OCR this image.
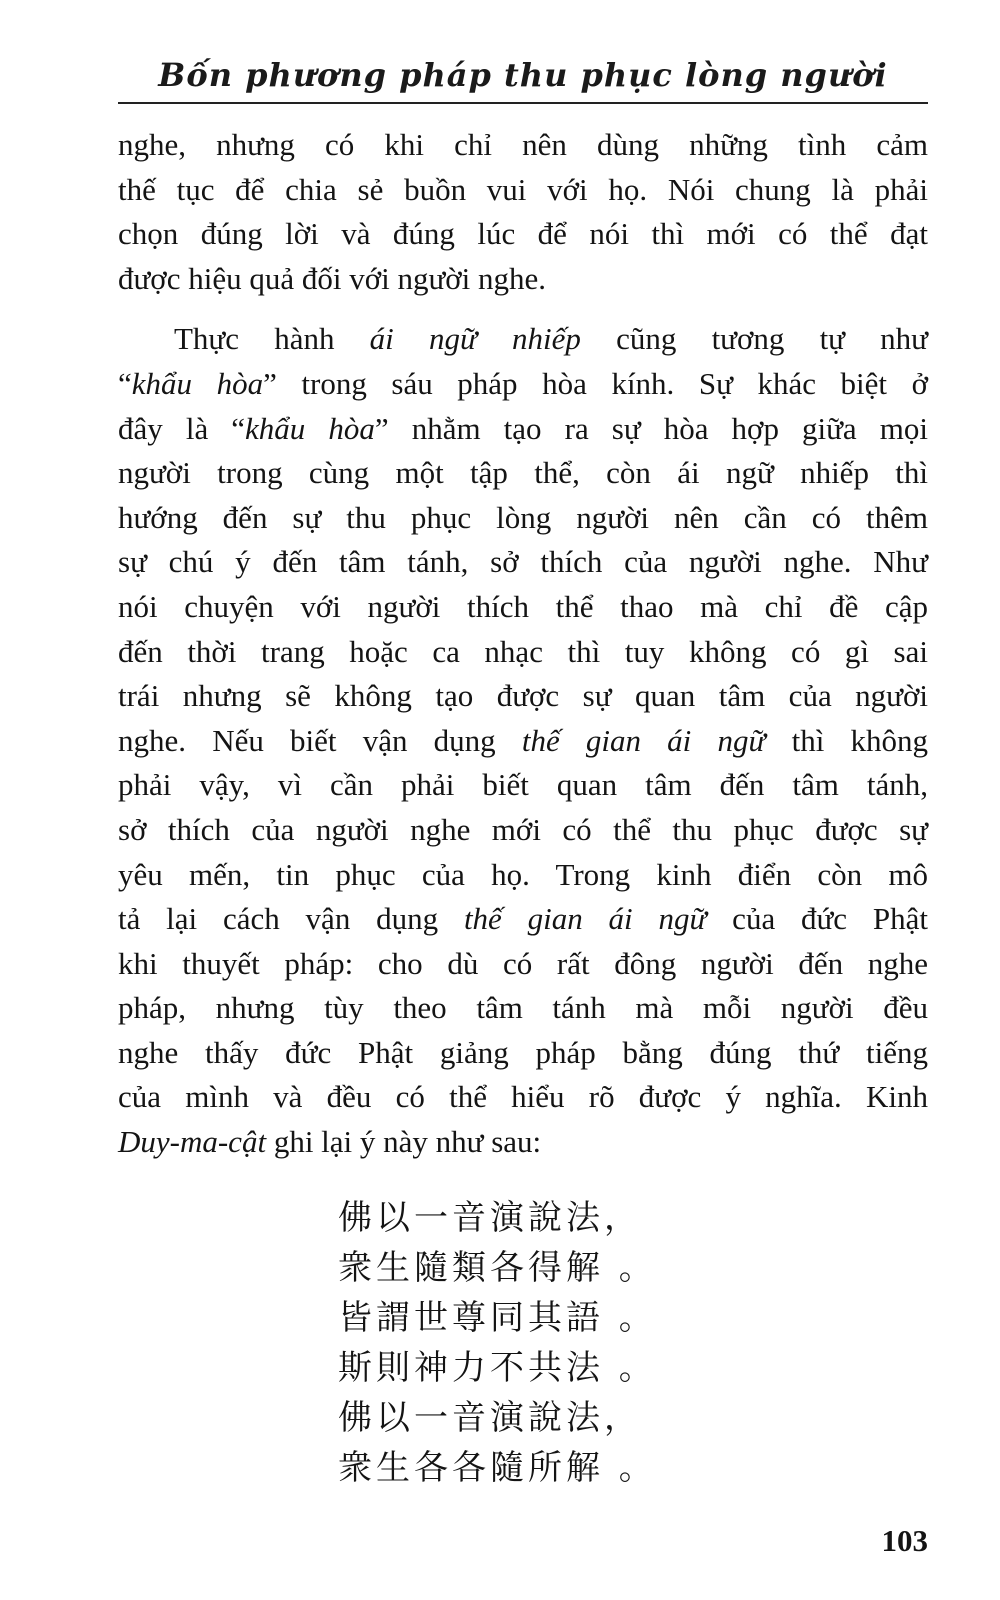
Bốn phương pháp thu phục lòng người
nghe, nhưng có khi chỉ nên dùng những tình cảm
thế tục để chia sẻ buồn vui với họ. Nói chung là phải
chọn đúng lời và đúng lúc để nói thì mới có thể đạt
được hiệu quả đối với người nghe.
Thực hành ái ngữ nhiếp cũng tương tự như
“khẩu hòa” trong sáu pháp hòa kính. Sự khác biệt ở
đây là “khẩu hòa” nhằm tạo ra sự hòa hợp giữa mọi
người trong cùng một tập thể, còn ái ngữ nhiếp thì
hướng đến sự thu phục lòng người nên cần có thêm
sự chú ý đến tâm tánh, sở thích của người nghe. Như
nói chuyện với người thích thể thao mà chỉ đề cập
đến thời trang hoặc ca nhạc thì tuy không có gì sai
trái nhưng sẽ không tạo được sự quan tâm của người
nghe. Nếu biết vận dụng thế gian ái ngữ thì không
phải vậy, vì cần phải biết quan tâm đến tâm tánh,
sở thích của người nghe mới có thể thu phục được sự
yêu mến, tin phục của họ. Trong kinh điển còn mô
tả lại cách vận dụng thế gian ái ngữ của đức Phật
khi thuyết pháp: cho dù có rất đông người đến nghe
pháp, nhưng tùy theo tâm tánh mà mỗi người đều
nghe thấy đức Phật giảng pháp bằng đúng thứ tiếng
của mình và đều có thể hiểu rõ được ý nghĩa. Kinh
Duy-ma-cật ghi lại ý này như sau:
佛以一音演說法，
衆生隨類各得解 。
皆謂世尊同其語 。
斯則神力不共法 。
佛以一音演說法，
衆生各各隨所解 。
103
